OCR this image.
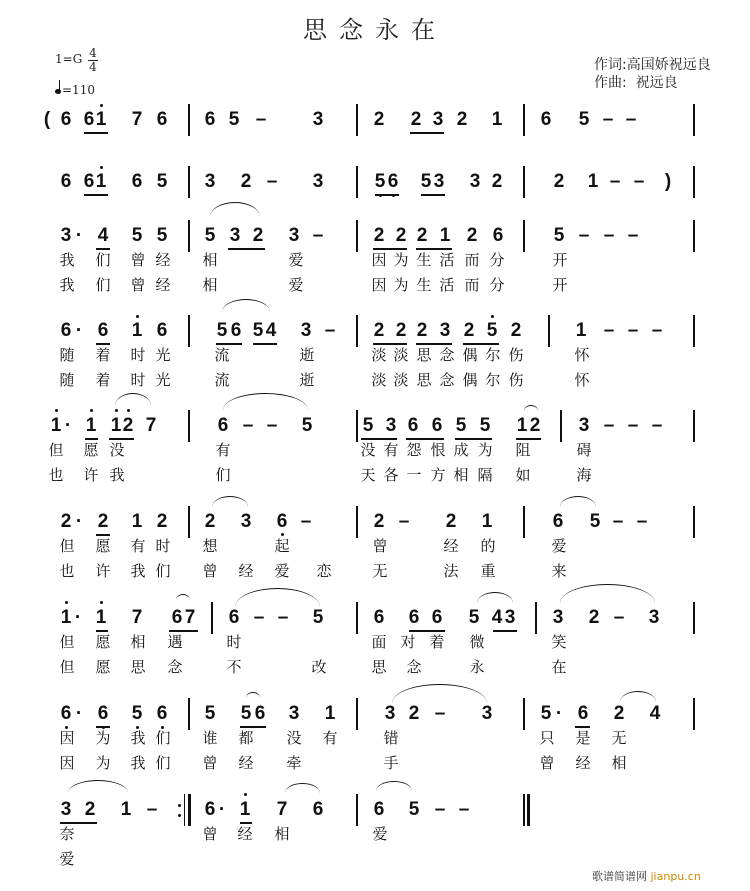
思念永在
1=G 4
4
=110
作词:高国娇祝远良
作曲:  祝远良
( 6 6 1 7 6 6 5 – 3	2 2 3 2 1 6 5 – –
6 6 1 6 5 3 2 – 3	5 6 5 3 3 2	2 1 – – )
3 · 4 5 5 5 3 2 3 –	2 2 2 1 2 6	5 – – –
我 们 曾 经 相	爱	因 为 生 活 而 分	开
我 们 曾 经 相	爱	因 为 生 活 而 分	开
6 · 6 1 6	5 6 5 4 3 – 2 2 2 3 2 5 2	1 – – –
随 着 时 光	流	逝	淡 淡 思 念 偶 尔 伤	怀
随 着 时 光	流	逝	淡 淡 思 念 偶 尔 伤	怀
1 · 1 1 2 7	6 – – 5	5 3 6 6 5 5 1 2 3 – – –
但 愿 没	有	没 有 怨 恨 成 为 阻	碍
也 许 我	们	天 各 一 方 相 隔 如	海
2 · 2 1 2 2 3 6 –	2 – 2 1	6 5 – –
但 愿 有 时 想	起	曾	经 的	爱
也 许 我 们 曾 经 爱 恋	无	法 重	来
1 · 1 7 6 7 6 – – 5	6 6 6 5 4 3 3 2 – 3
但 愿 相 遇	时	面 对 着 微	笑
但 愿 思 念	不	改	思 念	永	在
6 · 6 5 6 5 5 6 3 1	3 2 – 3	5 · 6 2 4
因 为 我 们 谁 都 没 有	错	只 是 无
因 为 我 们 曾 经 牵	手	曾 经 相
3 2 1 – 6 · 1 7 6	6 5 – –
奈	曾 经 相	爱
爱
歌谱简谱网 jianpu.cn
